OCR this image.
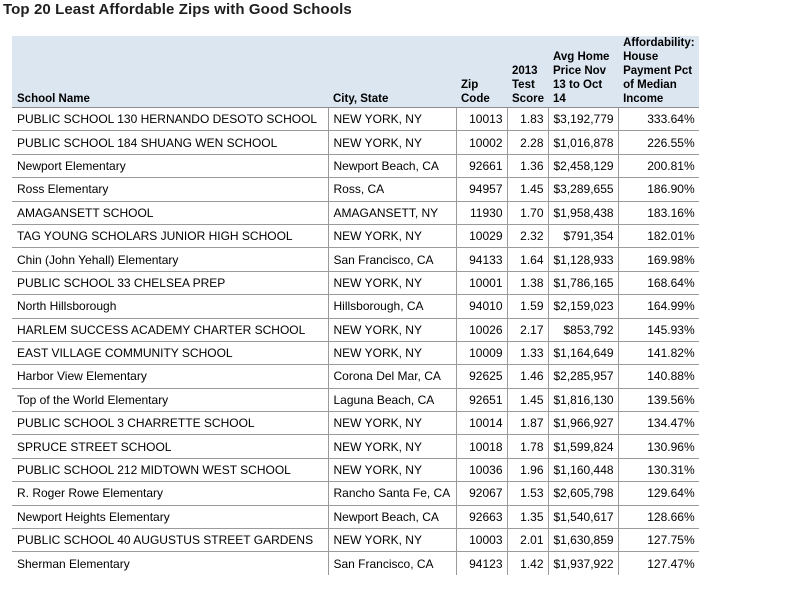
Top 20 Least Affordable Zips with Good Schools
School Name	City, State	Zip Code	2013 Test Score	Avg Home Price Nov 13 to Oct 14	Affordability: House Payment Pct of Median Income
PUBLIC SCHOOL 130 HERNANDO DESOTO SCHOOL	NEW YORK, NY	10013	1.83	$3,192,779	333.64%
PUBLIC SCHOOL 184 SHUANG WEN SCHOOL	NEW YORK, NY	10002	2.28	$1,016,878	226.55%
Newport Elementary	Newport Beach, CA	92661	1.36	$2,458,129	200.81%
Ross Elementary	Ross, CA	94957	1.45	$3,289,655	186.90%
AMAGANSETT SCHOOL	AMAGANSETT, NY	11930	1.70	$1,958,438	183.16%
TAG YOUNG SCHOLARS JUNIOR HIGH SCHOOL	NEW YORK, NY	10029	2.32	$791,354	182.01%
Chin (John Yehall) Elementary	San Francisco, CA	94133	1.64	$1,128,933	169.98%
PUBLIC SCHOOL 33 CHELSEA PREP	NEW YORK, NY	10001	1.38	$1,786,165	168.64%
North Hillsborough	Hillsborough, CA	94010	1.59	$2,159,023	164.99%
HARLEM SUCCESS ACADEMY CHARTER SCHOOL	NEW YORK, NY	10026	2.17	$853,792	145.93%
EAST VILLAGE COMMUNITY SCHOOL	NEW YORK, NY	10009	1.33	$1,164,649	141.82%
Harbor View Elementary	Corona Del Mar, CA	92625	1.46	$2,285,957	140.88%
Top of the World Elementary	Laguna Beach, CA	92651	1.45	$1,816,130	139.56%
PUBLIC SCHOOL 3 CHARRETTE SCHOOL	NEW YORK, NY	10014	1.87	$1,966,927	134.47%
SPRUCE STREET SCHOOL	NEW YORK, NY	10018	1.78	$1,599,824	130.96%
PUBLIC SCHOOL 212 MIDTOWN WEST SCHOOL	NEW YORK, NY	10036	1.96	$1,160,448	130.31%
R. Roger Rowe Elementary	Rancho Santa Fe, CA	92067	1.53	$2,605,798	129.64%
Newport Heights Elementary	Newport Beach, CA	92663	1.35	$1,540,617	128.66%
PUBLIC SCHOOL 40 AUGUSTUS STREET GARDENS	NEW YORK, NY	10003	2.01	$1,630,859	127.75%
Sherman Elementary	San Francisco, CA	94123	1.42	$1,937,922	127.47%
